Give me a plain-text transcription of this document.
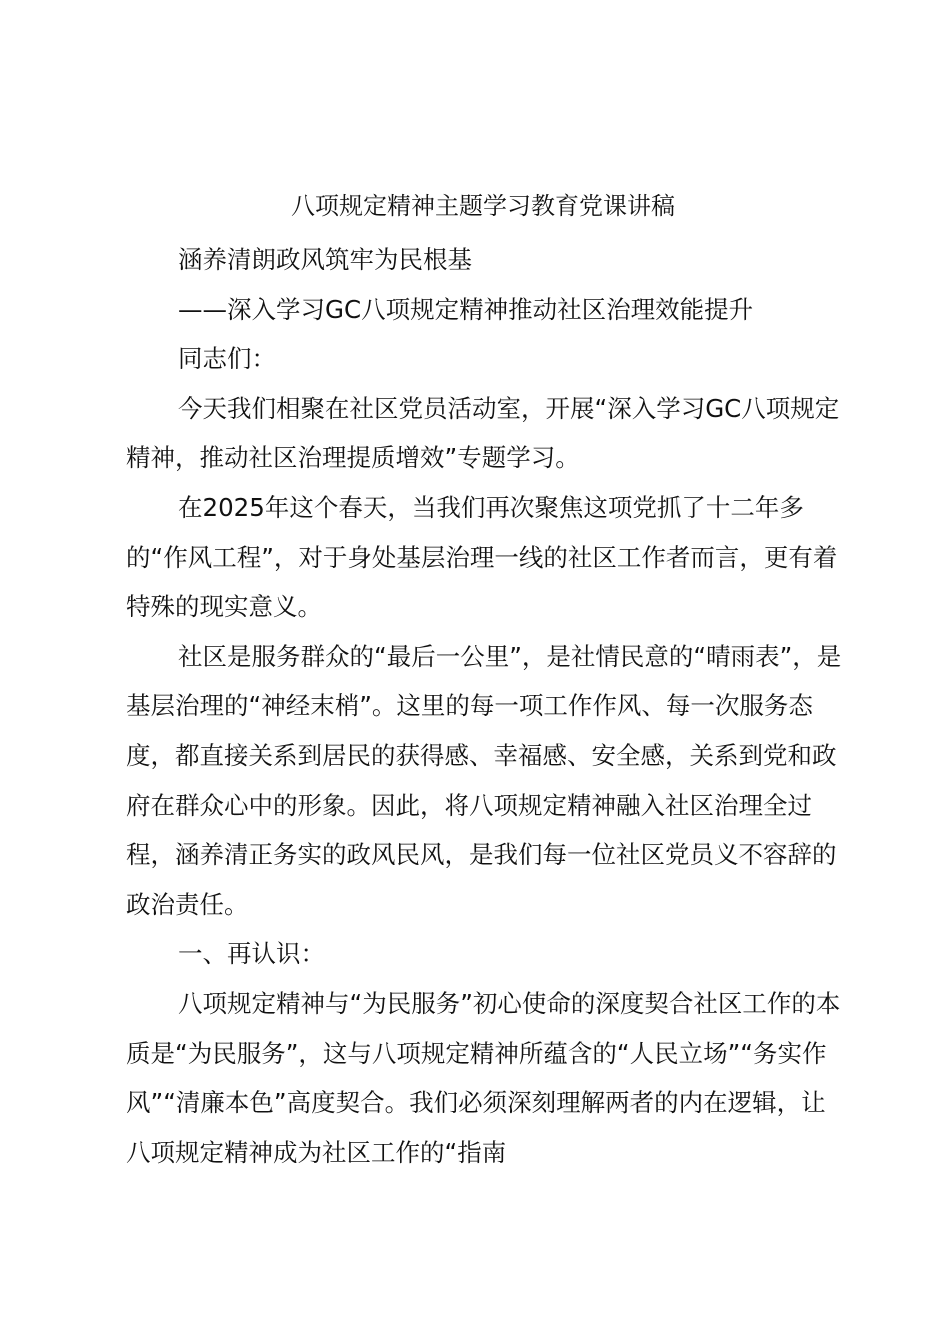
八项规定精神主题学习教育党课讲稿

涵养清朗政风筑牢为民根基

——深入学习GC八项规定精神推动社区治理效能提升

同志们：

今天我们相聚在社区党员活动室，开展“深入学习GC八项规定精神，推动社区治理提质增效”专题学习。

在2025年这个春天，当我们再次聚焦这项党抓了十二年多的“作风工程”，对于身处基层治理一线的社区工作者而言，更有着特殊的现实意义。

社区是服务群众的“最后一公里”，是社情民意的“晴雨表”，是基层治理的“神经末梢”。这里的每一项工作作风、每一次服务态度，都直接关系到居民的获得感、幸福感、安全感，关系到党和政府在群众心中的形象。因此，将八项规定精神融入社区治理全过程，涵养清正务实的政风民风，是我们每一位社区党员义不容辞的政治责任。

一、再认识：

八项规定精神与“为民服务”初心使命的深度契合社区工作的本质是“为民服务”，这与八项规定精神所蕴含的“人民立场”“务实作风”“清廉本色”高度契合。我们必须深刻理解两者的内在逻辑，让八项规定精神成为社区工作的“指南
